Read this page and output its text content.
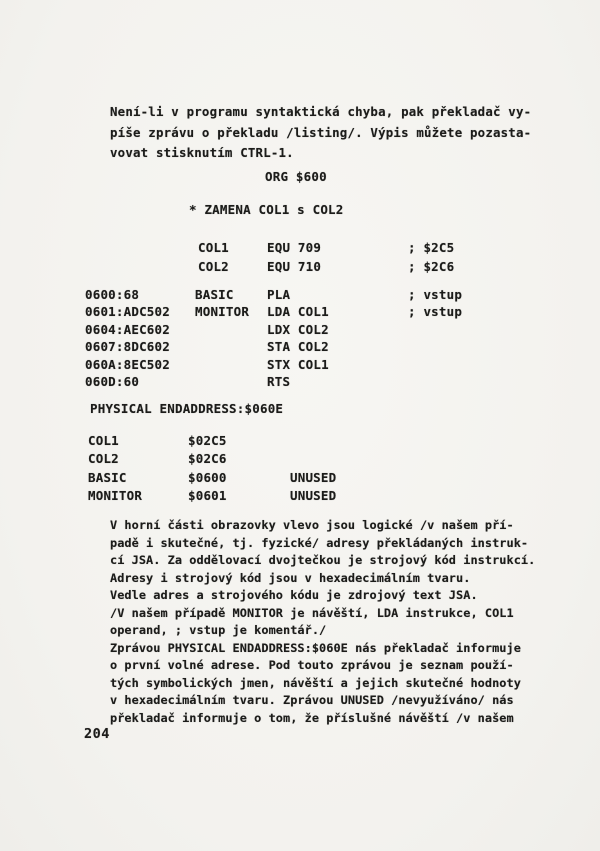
Není-li v programu syntaktická chyba, pak překladač vy-
píše zprávu o překladu /listing/. Výpis můžete pozasta-
vovat stisknutím CTRL-1.
ORG $600
* ZAMENA COL1 s COL2
COL1	EQU 709	; $2C5
COL2	EQU 710	; $2C6
0600:68	BASIC	PLA	; vstup
0601:ADC502 MONITOR LDA COL1	; vstup
0604:AEC602	LDX COL2
0607:8DC602	STA COL2
060A:8EC502	STX COL1
060D:60	RTS
PHYSICAL ENDADDRESS:$060E
COL1	$02C5
COL2	$02C6
BASIC	$0600	UNUSED
MONITOR	$0601	UNUSED
V horní části obrazovky vlevo jsou logické /v našem pří-
padě i skutečné, tj. fyzické/ adresy překládaných instruk-
cí JSA. Za oddělovací dvojtečkou je strojový kód instrukcí.
Adresy i strojový kód jsou v hexadecimálním tvaru.
Vedle adres a strojového kódu je zdrojový text JSA.
/V našem případě MONITOR je návěští, LDA instrukce, COL1
operand, ; vstup je komentář./
Zprávou PHYSICAL ENDADDRESS:$060E nás překladač informuje
o první volné adrese. Pod touto zprávou je seznam použí-
tých symbolických jmen, návěští a jejich skutečné hodnoty
v hexadecimálním tvaru. Zprávou UNUSED /nevyužíváno/ nás
překladač informuje o tom, že příslušné návěští /v našem
204
